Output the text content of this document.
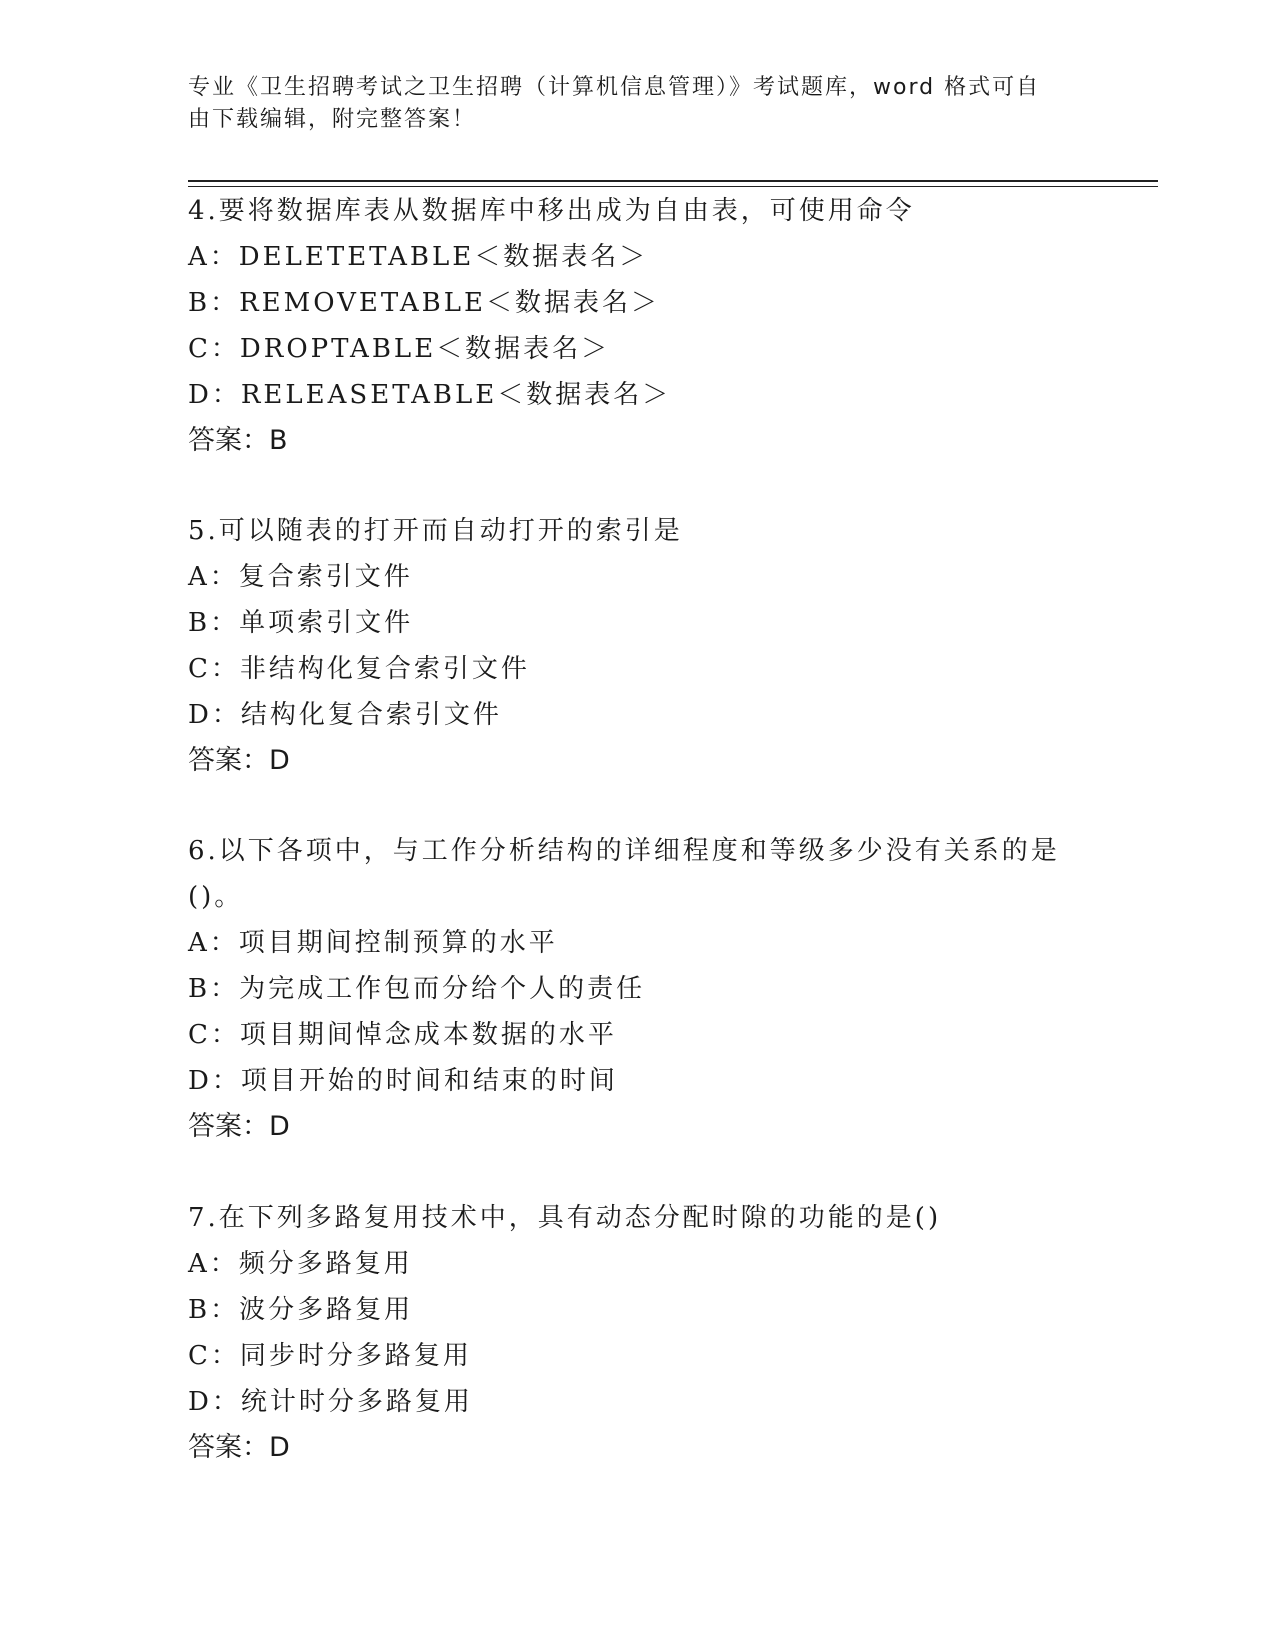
专业《卫生招聘考试之卫生招聘（计算机信息管理）》考试题库，word 格式可自
由下载编辑，附完整答案！

4.要将数据库表从数据库中移出成为自由表，可使用命令

A：DELETETABLE＜数据表名＞

B：REMOVETABLE＜数据表名＞

C：DROPTABLE＜数据表名＞

D：RELEASETABLE＜数据表名＞

答案：B

5.可以随表的打开而自动打开的索引是

A：复合索引文件

B：单项索引文件

C：非结构化复合索引文件

D：结构化复合索引文件

答案：D

6.以下各项中，与工作分析结构的详细程度和等级多少没有关系的是
()。

A：项目期间控制预算的水平

B：为完成工作包而分给个人的责任

C：项目期间悼念成本数据的水平

D：项目开始的时间和结束的时间

答案：D

7.在下列多路复用技术中，具有动态分配时隙的功能的是()

A：频分多路复用

B：波分多路复用

C：同步时分多路复用

D：统计时分多路复用

答案：D
